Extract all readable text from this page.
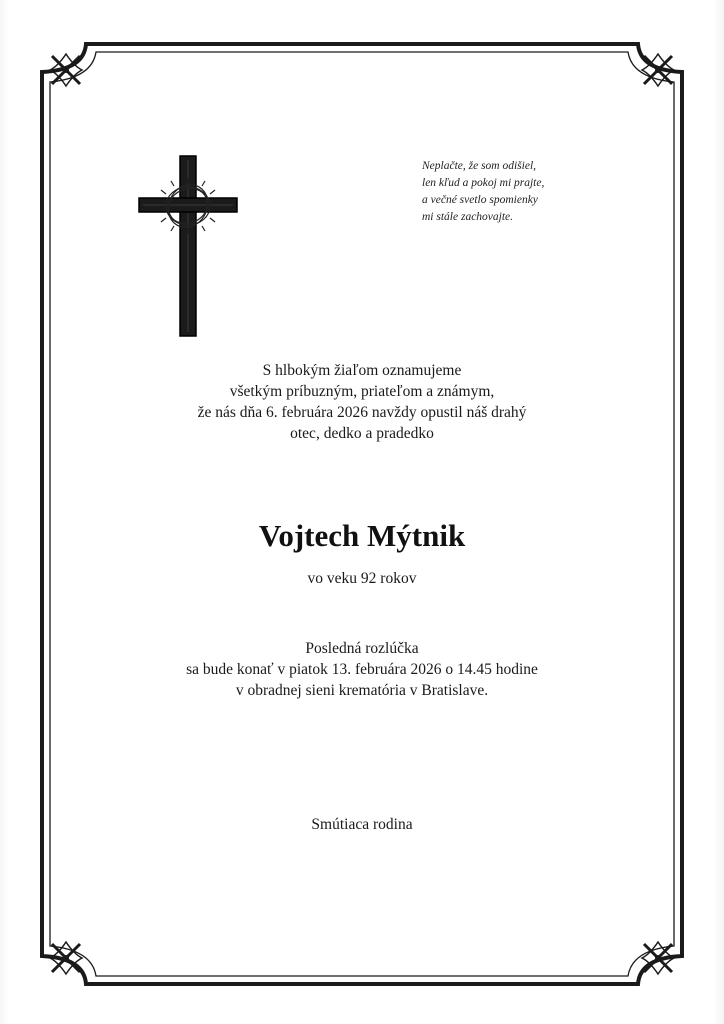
Neplačte, že som odišiel,
len kľud a pokoj mi prajte,
a večné svetlo spomienky
mi stále zachovajte.
S hlbokým žiaľom oznamujeme
všetkým príbuzným, priateľom a známym,
že nás dňa 6. februára 2026 navždy opustil náš drahý
otec, dedko a pradedko
Vojtech Mýtnik
vo veku 92 rokov
Posledná rozlúčka
sa bude konať v piatok 13. februára 2026 o 14.45 hodine
v obradnej sieni krematória v Bratislave.
Smútiaca rodina
